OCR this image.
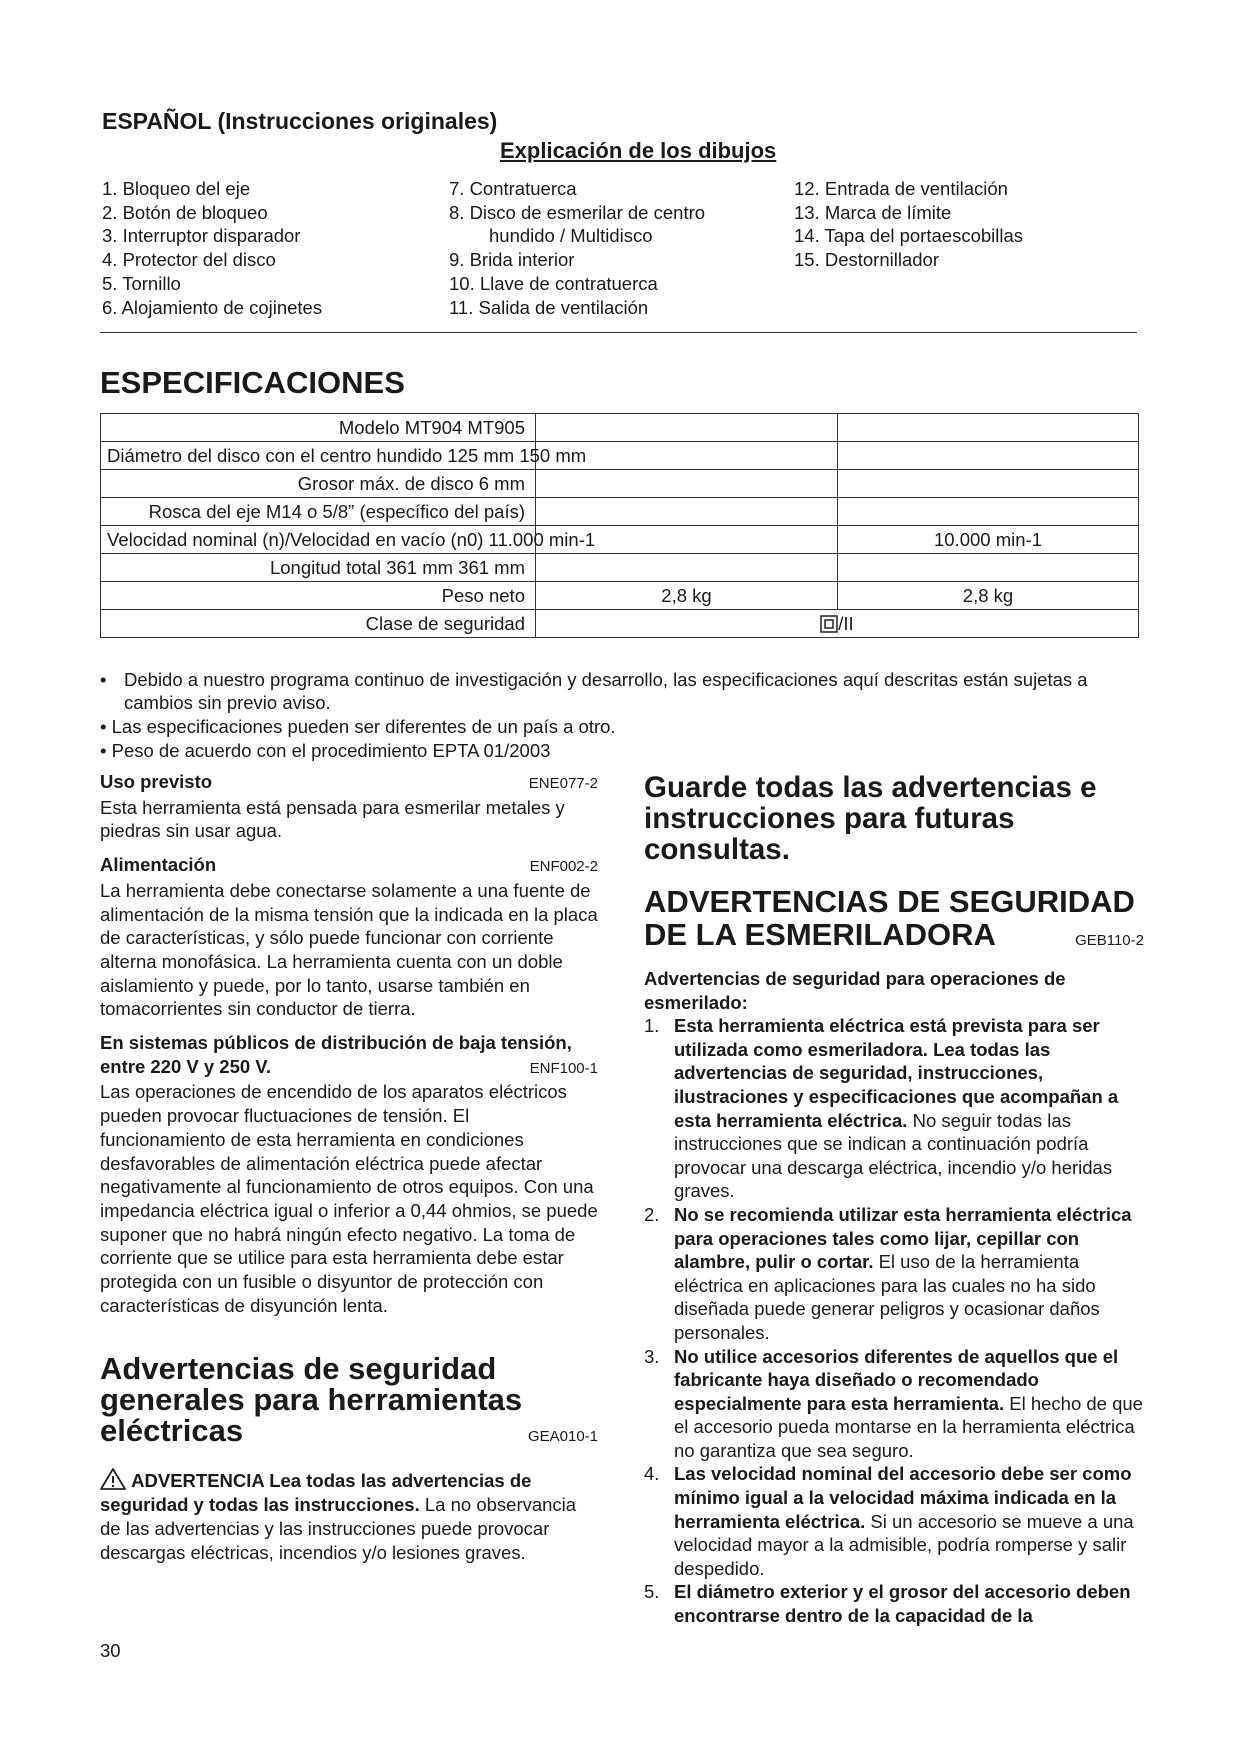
ESPAÑOL (Instrucciones originales)
Explicación de los dibujos
1. Bloqueo del eje
2. Botón de bloqueo
3. Interruptor disparador
4. Protector del disco
5. Tornillo
6. Alojamiento de cojinetes
7. Contratuerca
8. Disco de esmerilar de centro
hundido / Multidisco
9. Brida interior
10. Llave de contratuerca
11. Salida de ventilación
12. Entrada de ventilación
13. Marca de límite
14. Tapa del portaescobillas
15. Destornillador
ESPECIFICACIONES
Modelo MT904 MT905		
Diámetro del disco con el centro hundido 125 mm 150 mm		
Grosor máx. de disco 6 mm		
Rosca del eje M14 o 5/8” (específico del país)		
Velocidad nominal (n)/Velocidad en vacío (n0) 11.000 min-1		10.000 min-1
Longitud total 361 mm 361 mm		
Peso neto	2,8 kg	2,8 kg
Clase de seguridad	/II	
• Debido a nuestro programa continuo de investigación y desarrollo, las especificaciones aquí descritas están sujetas a cambios sin previo aviso.
• Las especificaciones pueden ser diferentes de un país a otro.
• Peso de acuerdo con el procedimiento EPTA 01/2003
Uso previsto	ENE077-2
Esta herramienta está pensada para esmerilar metales y piedras sin usar agua.
Alimentación	ENF002-2
La herramienta debe conectarse solamente a una fuente de alimentación de la misma tensión que la indicada en la placa de características, y sólo puede funcionar con corriente alterna monofásica. La herramienta cuenta con un doble aislamiento y puede, por lo tanto, usarse también en tomacorrientes sin conductor de tierra.
En sistemas públicos de distribución de baja tensión,
entre 220 V y 250 V.	ENF100-1
Las operaciones de encendido de los aparatos eléctricos pueden provocar fluctuaciones de tensión. El funcionamiento de esta herramienta en condiciones desfavorables de alimentación eléctrica puede afectar negativamente al funcionamiento de otros equipos. Con una impedancia eléctrica igual o inferior a 0,44 ohmios, se puede suponer que no habrá ningún efecto negativo. La toma de corriente que se utilice para esta herramienta debe estar protegida con un fusible o disyuntor de protección con características de disyunción lenta.
Advertencias de seguridad
generales para herramientas
eléctricas	GEA010-1
ADVERTENCIA Lea todas las advertencias de seguridad y todas las instrucciones. La no observancia de las advertencias y las instrucciones puede provocar descargas eléctricas, incendios y/o lesiones graves.
Guarde todas las advertencias e instrucciones para futuras consultas.
ADVERTENCIAS DE SEGURIDAD
DE LA ESMERILADORA	GEB110-2
Advertencias de seguridad para operaciones de esmerilado:
1. Esta herramienta eléctrica está prevista para ser utilizada como esmeriladora. Lea todas las advertencias de seguridad, instrucciones, ilustraciones y especificaciones que acompañan a esta herramienta eléctrica. No seguir todas las instrucciones que se indican a continuación podría provocar una descarga eléctrica, incendio y/o heridas graves.
2. No se recomienda utilizar esta herramienta eléctrica para operaciones tales como lijar, cepillar con alambre, pulir o cortar. El uso de la herramienta eléctrica en aplicaciones para las cuales no ha sido diseñada puede generar peligros y ocasionar daños personales.
3. No utilice accesorios diferentes de aquellos que el fabricante haya diseñado o recomendado especialmente para esta herramienta. El hecho de que el accesorio pueda montarse en la herramienta eléctrica no garantiza que sea seguro.
4. Las velocidad nominal del accesorio debe ser como mínimo igual a la velocidad máxima indicada en la herramienta eléctrica. Si un accesorio se mueve a una velocidad mayor a la admisible, podría romperse y salir despedido.
5. El diámetro exterior y el grosor del accesorio deben encontrarse dentro de la capacidad de la
30
